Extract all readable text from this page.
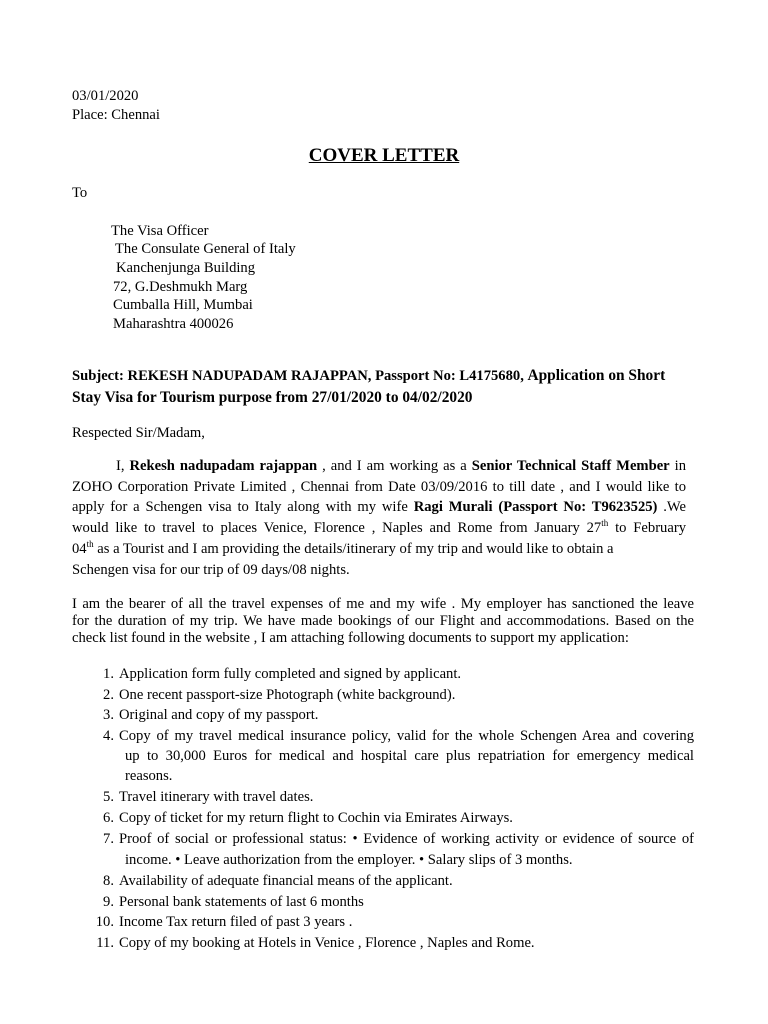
03/01/2020
Place: Chennai
COVER LETTER
To
The Visa Officer
The Consulate General of Italy
Kanchenjunga Building
72, G.Deshmukh Marg
Cumballa Hill, Mumbai
Maharashtra 400026
Subject: REKESH NADUPADAM RAJAPPAN, Passport No: L4175680, Application on Short
Stay Visa for Tourism purpose from 27/01/2020 to 04/02/2020
Respected Sir/Madam,
I, Rekesh nadupadam rajappan , and I am working as a Senior Technical Staff Member in
ZOHO Corporation Private Limited , Chennai from Date 03/09/2016 to till date , and I would like to
apply for a Schengen visa to Italy along with my wife Ragi Murali (Passport No: T9623525) .We
would like to travel to places Venice, Florence , Naples and Rome from January 27th to February
04th as a Tourist and I am providing the details/itinerary of my trip and would like to obtain a
Schengen visa for our trip of 09 days/08 nights.
I am the bearer of all the travel expenses of me and my wife . My employer has sanctioned the leave
for the duration of my trip. We have made bookings of our Flight and accommodations. Based on the
check list found in the website , I am attaching following documents to support my application:
1. Application form fully completed and signed by applicant.
2. One recent passport-size Photograph (white background).
3. Original and copy of my passport.
4. Copy of my travel medical insurance policy, valid for the whole Schengen Area and covering
up to 30,000 Euros for medical and hospital care plus repatriation for emergency medical
reasons.
5. Travel itinerary with travel dates.
6. Copy of ticket for my return flight to Cochin via Emirates Airways.
7. Proof of social or professional status: • Evidence of working activity or evidence of source of
income. • Leave authorization from the employer. • Salary slips of 3 months.
8. Availability of adequate financial means of the applicant.
9. Personal bank statements of last 6 months
10. Income Tax return filed of past 3 years .
11. Copy of my booking at Hotels in Venice , Florence , Naples and Rome.
